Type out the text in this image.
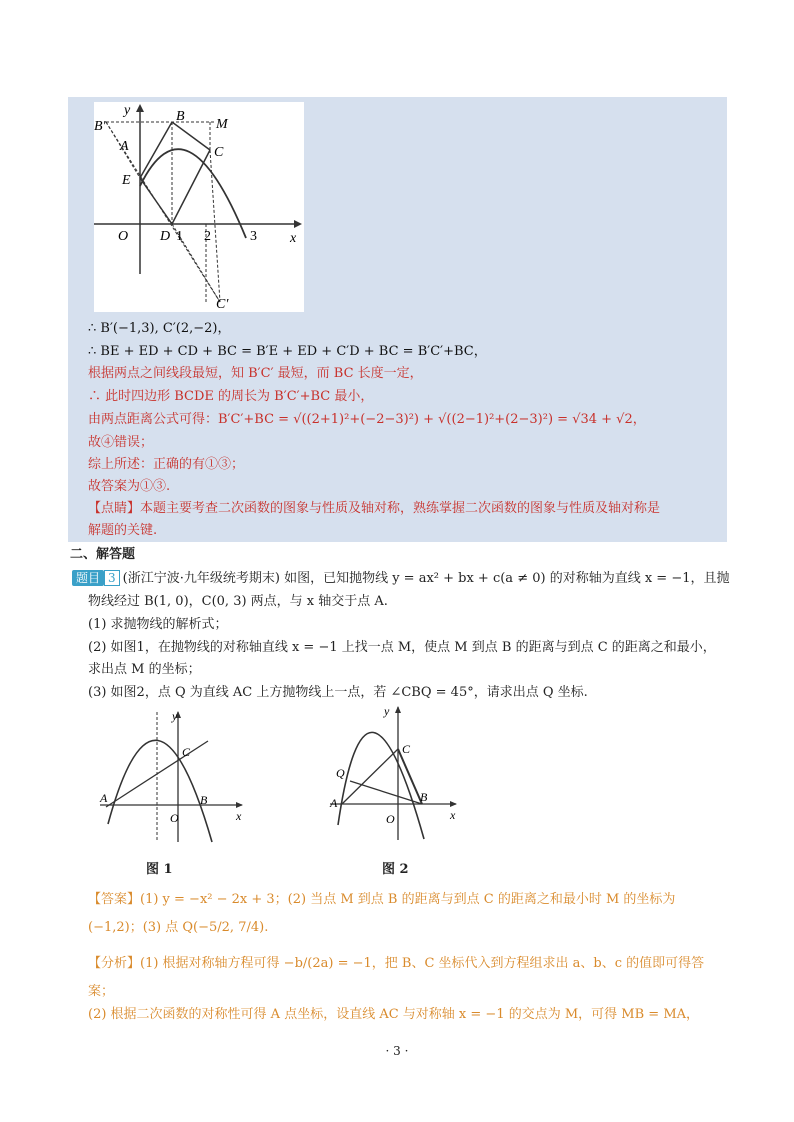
y
x
B′
B
M
A	C
E
O D 1 2	3
C′
∴ B′(−1,3), C′(2,−2)，
∴ BE + ED + CD + BC = B′E + ED + C′D + BC = B′C′+BC，
根据两点之间线段最短，知 B′C′ 最短，而 BC 长度一定，
∴ 此时四边形 BCDE 的周长为 B′C′+BC 最小，
由两点距离公式可得：B′C′+BC = √((2+1)²+(−2−3)²) + √((2−1)²+(2−3)²) = √34 + √2，
故④错误；
综上所述：正确的有①③；
故答案为①③.
【点睛】本题主要考查二次函数的图象与性质及轴对称，熟练掌握二次函数的图象与性质及轴对称是
解题的关键.
二、解答题
题目 3 (浙江宁波·九年级统考期末) 如图，已知抛物线 y = ax² + bx + c(a ≠ 0) 的对称轴为直线 x = −1，且抛
物线经过 B(1, 0)，C(0, 3) 两点，与 x 轴交于点 A.
(1) 求抛物线的解析式；
(2) 如图1，在抛物线的对称轴直线 x = −1 上找一点 M，使点 M 到点 B 的距离与到点 C 的距离之和最小，
求出点 M 的坐标；
(3) 如图2，点 Q 为直线 AC 上方抛物线上一点，若 ∠CBQ = 45°，请求出点 Q 坐标.
y
x
A	B
C
O
图 1
y
x
A	B
C
Q
O
图 2
【答案】(1) y = −x² − 2x + 3；(2) 当点 M 到点 B 的距离与到点 C 的距离之和最小时 M 的坐标为
(−1,2)；(3) 点 Q(−5/2, 7/4).
【分析】(1) 根据对称轴方程可得 −b/(2a) = −1，把 B、C 坐标代入到方程组求出 a、b、c 的值即可得答
案；
(2) 根据二次函数的对称性可得 A 点坐标，设直线 AC 与对称轴 x = −1 的交点为 M，可得 MB = MA，
· 3 ·
